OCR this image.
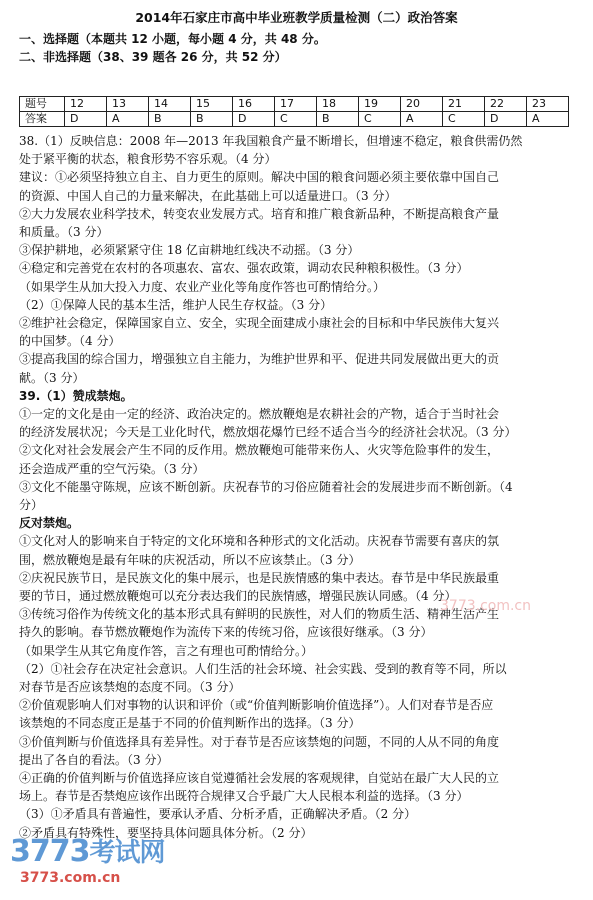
2014年石家庄市高中毕业班教学质量检测（二）政治答案
一、选择题（本题共 12 小题，每小题 4 分，共 48 分。
二、非选择题（38、39 题各 26 分，共 52 分）
题号	12	13	14	15	16	17	18	19	20	21	22	23
答案	D	A	B	B	D	C	B	C	A	C	D	A
38.（1）反映信息：2008 年—2013 年我国粮食产量不断增长，但增速不稳定，粮食供需仍然
处于紧平衡的状态，粮食形势不容乐观。（4 分）
建议：①必须坚持独立自主、自力更生的原则。解决中国的粮食问题必须主要依靠中国自己
的资源、中国人自己的力量来解决，在此基础上可以适量进口。（3 分）
②大力发展农业科学技术，转变农业发展方式。培育和推广粮食新品种，不断提高粮食产量
和质量。（3 分）
③保护耕地，必须紧紧守住 18 亿亩耕地红线决不动摇。（3 分）
④稳定和完善党在农村的各项惠农、富农、强农政策，调动农民种粮积极性。（3 分）
（如果学生从加大投入力度、农业产业化等角度作答也可酌情给分。）
（2）①保障人民的基本生活，维护人民生存权益。（3 分）
②维护社会稳定，保障国家自立、安全，实现全面建成小康社会的目标和中华民族伟大复兴
的中国梦。（4 分）
③提高我国的综合国力，增强独立自主能力，为维护世界和平、促进共同发展做出更大的贡
献。（3 分）
39.（1）赞成禁炮。
①一定的文化是由一定的经济、政治决定的。燃放鞭炮是农耕社会的产物，适合于当时社会
的经济发展状况；今天是工业化时代，燃放烟花爆竹已经不适合当今的经济社会状况。（3 分）
②文化对社会发展会产生不同的反作用。燃放鞭炮可能带来伤人、火灾等危险事件的发生，
还会造成严重的空气污染。（3 分）
③文化不能墨守陈规，应该不断创新。庆祝春节的习俗应随着社会的发展进步而不断创新。（4
分）
反对禁炮。
①文化对人的影响来自于特定的文化环境和各种形式的文化活动。庆祝春节需要有喜庆的氛
围，燃放鞭炮是最有年味的庆祝活动，所以不应该禁止。（3 分）
②庆祝民族节日，是民族文化的集中展示，也是民族情感的集中表达。春节是中华民族最重
要的节日，通过燃放鞭炮可以充分表达我们的民族情感，增强民族认同感。（4 分）
③传统习俗作为传统文化的基本形式具有鲜明的民族性，对人们的物质生活、精神生活产生
持久的影响。春节燃放鞭炮作为流传下来的传统习俗，应该很好继承。（3 分）
（如果学生从其它角度作答，言之有理也可酌情给分。）
（2）①社会存在决定社会意识。人们生活的社会环境、社会实践、受到的教育等不同，所以
对春节是否应该禁炮的态度不同。（3 分）
②价值观影响人们对事物的认识和评价（或“价值判断影响价值选择”）。人们对春节是否应
该禁炮的不同态度正是基于不同的价值判断作出的选择。（3 分）
③价值判断与价值选择具有差异性。对于春节是否应该禁炮的问题，不同的人从不同的角度
提出了各自的看法。（3 分）
④正确的价值判断与价值选择应该自觉遵循社会发展的客观规律，自觉站在最广大人民的立
场上。春节是否禁炮应该作出既符合规律又合乎最广大人民根本利益的选择。（3 分）
（3）①矛盾具有普遍性，要承认矛盾、分析矛盾，正确解决矛盾。（2 分）
②矛盾具有特殊性，要坚持具体问题具体分析。（2 分）
3773.com.cn
3773考试网
3773.com.cn
